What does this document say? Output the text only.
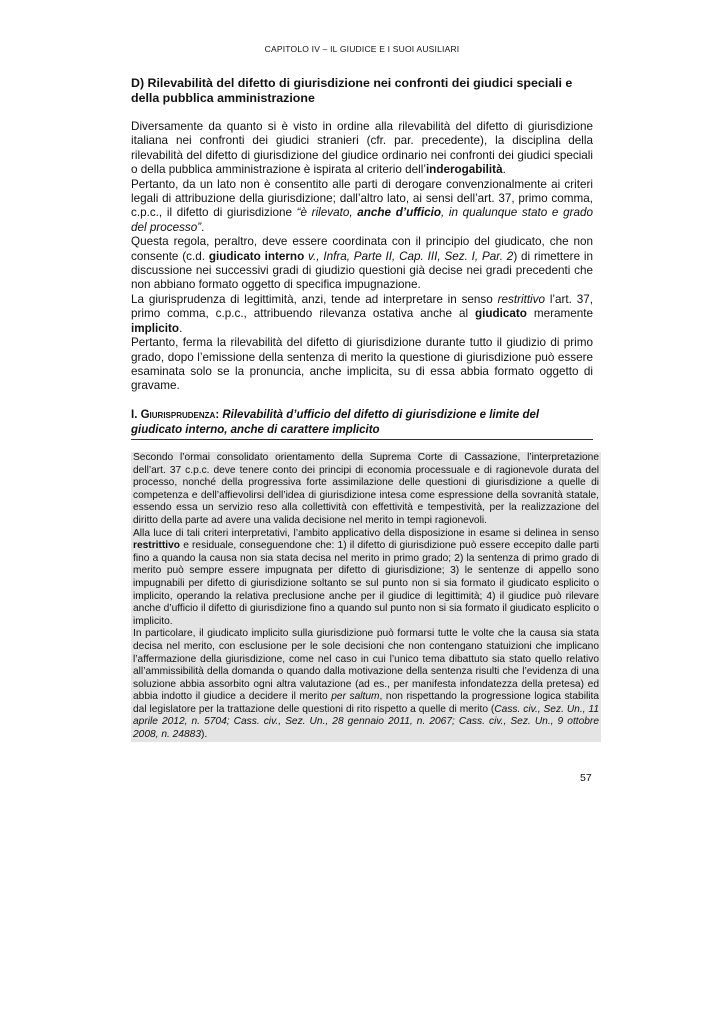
CAPITOLO IV – IL GIUDICE E I SUOI AUSILIARI
D) Rilevabilità del difetto di giurisdizione nei confronti dei giudici speciali e della pubblica amministrazione

Diversamente da quanto si è visto in ordine alla rilevabilità del difetto di giurisdizione italiana nei confronti dei giudici stranieri (cfr. par. precedente), la disciplina della rilevabilità del difetto di giurisdizione del giudice ordinario nei confronti dei giudici speciali o della pubblica amministrazione è ispirata al criterio dell’inderogabilità.

Pertanto, da un lato non è consentito alle parti di derogare convenzionalmente ai criteri legali di attribuzione della giurisdizione; dall’altro lato, ai sensi dell’art. 37, primo comma, c.p.c., il difetto di giurisdizione “è rilevato, anche d’ufficio, in qualunque stato e grado del processo”.

Questa regola, peraltro, deve essere coordinata con il principio del giudicato, che non consente (c.d. giudicato interno v., Infra, Parte II, Cap. III, Sez. I, Par. 2) di rimettere in discussione nei successivi gradi di giudizio questioni già decise nei gradi precedenti che non abbiano formato oggetto di specifica impugnazione.

La giurisprudenza di legittimità, anzi, tende ad interpretare in senso restrittivo l’art. 37, primo comma, c.p.c., attribuendo rilevanza ostativa anche al giudicato meramente implicito.

Pertanto, ferma la rilevabilità del difetto di giurisdizione durante tutto il giudizio di primo grado, dopo l’emissione della sentenza di merito la questione di giurisdizione può essere esaminata solo se la pronuncia, anche implicita, su di essa abbia formato oggetto di gravame.

I. Giurisprudenza: Rilevabilità d’ufficio del difetto di giurisdizione e limite del giudicato interno, anche di carattere implicito

Secondo l’ormai consolidato orientamento della Suprema Corte di Cassazione, l’interpretazione dell’art. 37 c.p.c. deve tenere conto dei principi di economia processuale e di ragionevole durata del processo, nonché della progressiva forte assimilazione delle questioni di giurisdizione a quelle di competenza e dell’affievolirsi dell’idea di giurisdizione intesa come espressione della sovranità statale, essendo essa un servizio reso alla collettività con effettività e tempestività, per la realizzazione del diritto della parte ad avere una valida decisione nel merito in tempi ragionevoli.

Alla luce di tali criteri interpretativi, l’ambito applicativo della disposizione in esame si delinea in senso restrittivo e residuale, conseguendone che: 1) il difetto di giurisdizione può essere eccepito dalle parti fino a quando la causa non sia stata decisa nel merito in primo grado; 2) la sentenza di primo grado di merito può sempre essere impugnata per difetto di giurisdizione; 3) le sentenze di appello sono impugnabili per difetto di giurisdizione soltanto se sul punto non si sia formato il giudicato esplicito o implicito, operando la relativa preclusione anche per il giudice di legittimità; 4) il giudice può rilevare anche d’ufficio il difetto di giurisdizione fino a quando sul punto non si sia formato il giudicato esplicito o implicito.

In particolare, il giudicato implicito sulla giurisdizione può formarsi tutte le volte che la causa sia stata decisa nel merito, con esclusione per le sole decisioni che non contengano statuizioni che implicano l’affermazione della giurisdizione, come nel caso in cui l’unico tema dibattuto sia stato quello relativo all’ammissibilità della domanda o quando dalla motivazione della sentenza risulti che l’evidenza di una soluzione abbia assorbito ogni altra valutazione (ad es., per manifesta infondatezza della pretesa) ed abbia indotto il giudice a decidere il merito per saltum, non rispettando la progressione logica stabilita dal legislatore per la trattazione delle questioni di rito rispetto a quelle di merito (Cass. civ., Sez. Un., 11 aprile 2012, n. 5704; Cass. civ., Sez. Un., 28 gennaio 2011, n. 2067; Cass. civ., Sez. Un., 9 ottobre 2008, n. 24883).

57
